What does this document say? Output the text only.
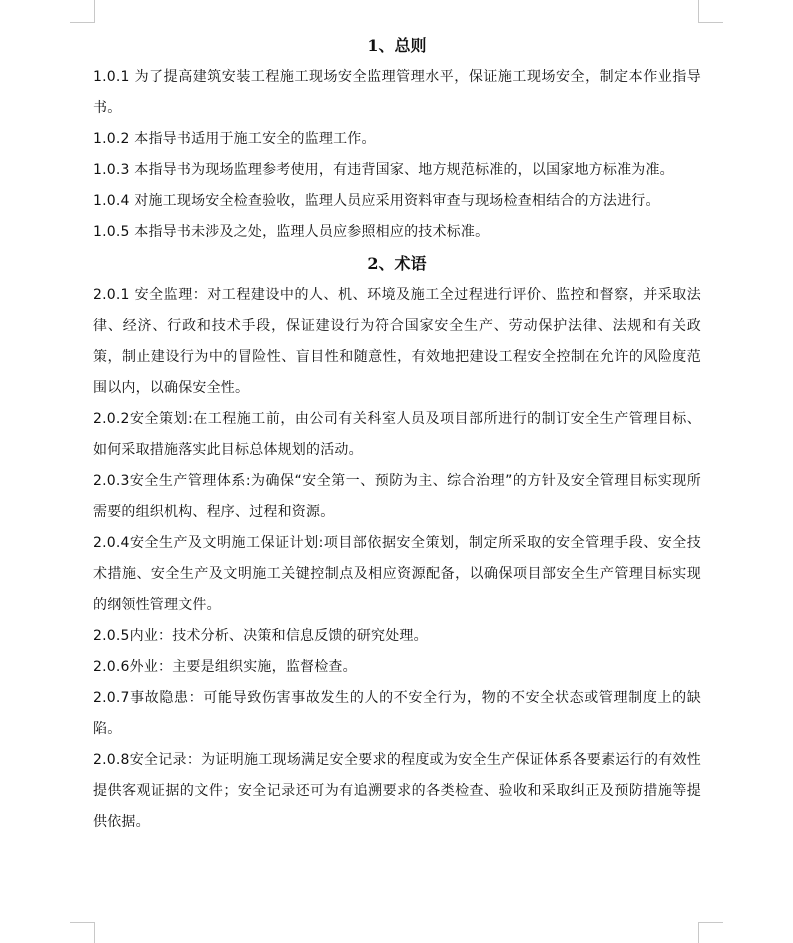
1、总则

1.0.1 为了提高建筑安装工程施工现场安全监理管理水平，保证施工现场安全，制定本作业指导书。

1.0.2 本指导书适用于施工安全的监理工作。

1.0.3 本指导书为现场监理参考使用，有违背国家、地方规范标准的，以国家地方标准为准。

1.0.4 对施工现场安全检查验收，监理人员应采用资料审查与现场检查相结合的方法进行。

1.0.5 本指导书未涉及之处，监理人员应参照相应的技术标准。

2、术语

2.0.1 安全监理：对工程建设中的人、机、环境及施工全过程进行评价、监控和督察，并采取法律、经济、行政和技术手段，保证建设行为符合国家安全生产、劳动保护法律、法规和有关政策，制止建设行为中的冒险性、盲目性和随意性，有效地把建设工程安全控制在允许的风险度范围以内，以确保安全性。

2.0.2安全策划:在工程施工前，由公司有关科室人员及项目部所进行的制订安全生产管理目标、如何采取措施落实此目标总体规划的活动。

2.0.3安全生产管理体系:为确保“安全第一、预防为主、综合治理”的方针及安全管理目标实现所需要的组织机构、程序、过程和资源。

2.0.4安全生产及文明施工保证计划:项目部依据安全策划，制定所采取的安全管理手段、安全技术措施、安全生产及文明施工关键控制点及相应资源配备，以确保项目部安全生产管理目标实现的纲领性管理文件。

2.0.5内业：技术分析、决策和信息反馈的研究处理。

2.0.6外业：主要是组织实施，监督检查。

2.0.7事故隐患：可能导致伤害事故发生的人的不安全行为，物的不安全状态或管理制度上的缺陷。

2.0.8安全记录：为证明施工现场满足安全要求的程度或为安全生产保证体系各要素运行的有效性提供客观证据的文件；安全记录还可为有追溯要求的各类检查、验收和采取纠正及预防措施等提供依据。
